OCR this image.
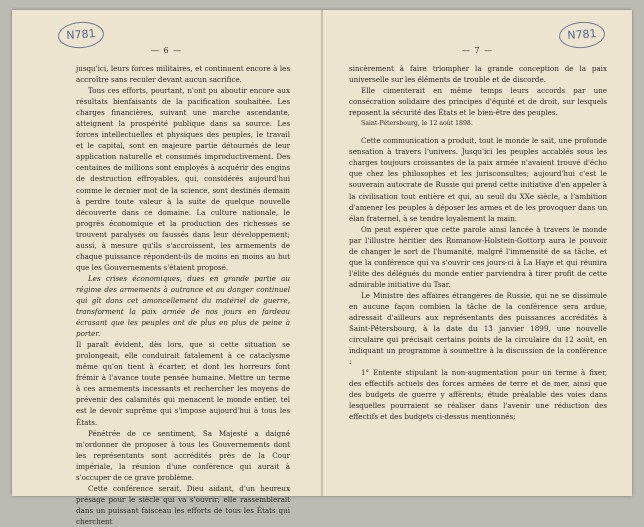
N781
— 6 —

jusqu'ici, leurs forces militaires, et continuent encore à les accroître sans reculer devant aucun sacrifice.

Tous ces efforts, pourtant, n'ont pu aboutir encore aux résultats bienfaisants de la pacification souhaitée. Les charges financières, suivant une marche ascendante, atteignent la prospérité publique dans sa source. Les forces intellectuelles et physiques des peuples, le travail et le capital, sont en majeure partie détournés de leur application naturelle et consumés improductivement. Des centaines de millions sont employés à acquérir des engins de destruction effroyables, qui, considérés aujourd'hui comme le dernier mot de la science, sont destinés demain à perdre toute valeur à la suite de quelque nouvelle découverte dans ce domaine. La culture nationale, le progrès économique et la production des richesses se trouvent paralysés ou faussés dans leur développement; aussi, à mesure qu'ils s'accroissent, les armements de chaque puissance répondent-ils de moins en moins au but que les Gouvernements s'étaient proposé.

Les crises économiques, dues en grande partie au régime des armements à outrance et au danger continuel qui gît dans cet amoncellement du matériel de guerre, transforment la paix armée de nos jours en fardeau écrasant que les peuples ont de plus en plus de peine à porter.

Il paraît évident, dès lors, que si cette situation se prolongeait, elle conduirait fatalement à ce cataclysme même qu'on tient à écarter, et dont les horreurs font frémir à l'avance toute pensée humaine. Mettre un terme à ces armements incessants et rechercher les moyens de prévenir des calamités qui menacent le monde entier, tel est le devoir suprême qui s'impose aujourd'hui à tous les États.

Pénétrée de ce sentiment, Sa Majesté a daigné m'ordonner de proposer à tous les Gouvernements dont les représentants sont accrédités près de la Cour impériale, la réunion d'une conférence qui aurait à s'occuper de ce grave problème.

Cette conférence serait, Dieu aidant, d'un heureux présage pour le siècle qui va s'ouvrir; elle rassemblerait dans un puissant faisceau les efforts de tous les États qui cherchent

N781
— 7 —

sincèrement à faire triompher la grande conception de la paix universelle sur les éléments de trouble et de discorde.

Elle cimenterait en même temps leurs accords par une consécration solidaire des principes d'équité et de droit, sur lesquels reposent la sécurité des États et le bien-être des peuples.

Saint-Pétersbourg, le 12 août 1898.

Cette communication a produit, tout le monde le sait, une profonde sensation à travers l'univers. Jusqu'ici les peuples accablés sous les charges toujours croissantes de la paix armée n'avaient trouvé d'écho que chez les philosophes et les jurisconsultes; aujourd'hui c'est le souverain autocrate de Russie qui prend cette initiative d'en appeler à la civilisation tout entière et qui, au seuil du XXe siècle, a l'ambition d'amener les peuples à déposer les armes et de les provoquer dans un élan fraternel, à se tendre loyalement la main.

On peut espérer que cette parole ainsi lancée à travers le monde par l'illustre héritier des Romanow-Holstein-Gottorp aura le pouvoir de changer le sort de l'humanité, malgré l'immensité de sa tâche, et que la conférence qui va s'ouvrir ces jours-ci à La Haye et qui réunira l'élite des délégués du monde entier parviendra à tirer profit de cette admirable initiative du Tsar.

Le Ministre des affaires étrangères de Russie, qui ne se dissimule en aucune façon combien la tâche de la conférence sera ardue, adressait d'ailleurs aux représentants des puissances accrédités à Saint-Pétersbourg, à la date du 13 janvier 1899, une nouvelle circulaire qui précisait certains points de la circulaire du 12 août, en indiquant un programme à soumettre à la discussion de la conférence :

1° Entente stipulant la non-augmentation pour un terme à fixer, des effectifs actuels des forces armées de terre et de mer, ainsi que des budgets de guerre y afférents; étude préalable des voies dans lesquelles pourraient se réaliser dans l'avenir une réduction des effectifs et des budgets ci-dessus mentionnés;
